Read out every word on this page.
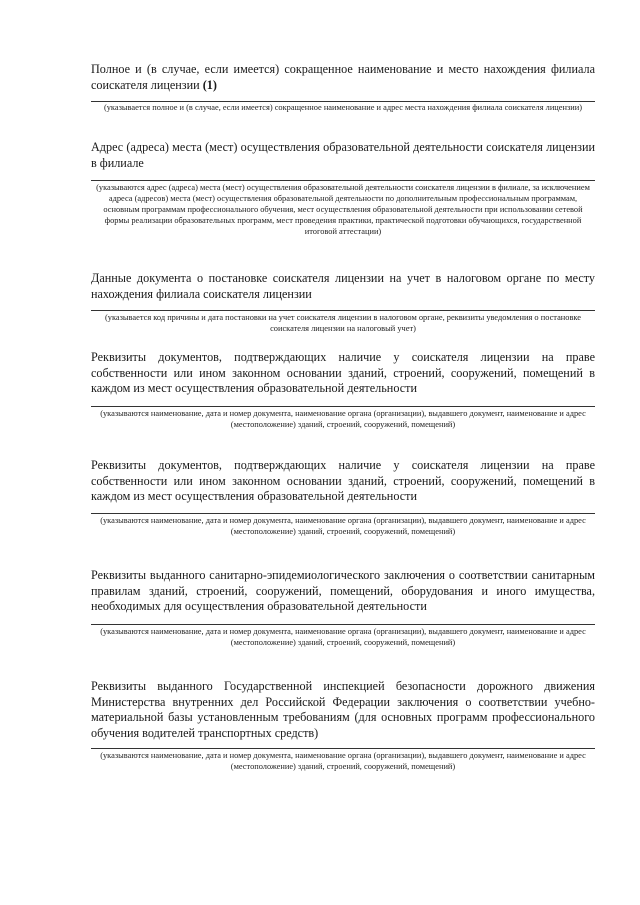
Полное и (в случае, если имеется) сокращенное наименование и место нахождения филиала соискателя лицензии (1)
(указывается полное и (в случае, если имеется) сокращенное наименование и адрес места нахождения филиала соискателя лицензии)
Адрес (адреса) места (мест) осуществления образовательной деятельности соискателя лицензии в филиале
(указываются адрес (адреса) места (мест) осуществления образовательной деятельности соискателя лицензии в филиале, за исключением адреса (адресов) места (мест) осуществления образовательной деятельности по дополнительным профессиональным программам, основным программам профессионального обучения, мест осуществления образовательной деятельности при использовании сетевой формы реализации образовательных программ, мест проведения практики, практической подготовки обучающихся, государственной итоговой аттестации)
Данные документа о постановке соискателя лицензии на учет в налоговом органе по месту нахождения филиала соискателя лицензии
(указывается код причины и дата постановки на учет соискателя лицензии в налоговом органе, реквизиты уведомления о постановке соискателя лицензии на налоговый учет)
Реквизиты документов, подтверждающих наличие у соискателя лицензии на праве собственности или ином законном основании зданий, строений, сооружений, помещений в каждом из мест осуществления образовательной деятельности
(указываются наименование, дата и номер документа, наименование органа (организации), выдавшего документ, наименование и адрес (местоположение) зданий, строений, сооружений, помещений)
Реквизиты документов, подтверждающих наличие у соискателя лицензии на праве собственности или ином законном основании зданий, строений, сооружений, помещений в каждом из мест осуществления образовательной деятельности
(указываются наименование, дата и номер документа, наименование органа (организации), выдавшего документ, наименование и адрес (местоположение) зданий, строений, сооружений, помещений)
Реквизиты выданного санитарно-эпидемиологического заключения о соответствии санитарным правилам зданий, строений, сооружений, помещений, оборудования и иного имущества, необходимых для осуществления образовательной деятельности
(указываются наименование, дата и номер документа, наименование органа (организации), выдавшего документ, наименование и адрес (местоположение) зданий, строений, сооружений, помещений)
Реквизиты выданного Государственной инспекцией безопасности дорожного движения Министерства внутренних дел Российской Федерации заключения о соответствии учебно-материальной базы установленным требованиям (для основных программ профессионального обучения водителей транспортных средств)
(указываются наименование, дата и номер документа, наименование органа (организации), выдавшего документ, наименование и адрес (местоположение) зданий, строений, сооружений, помещений)
